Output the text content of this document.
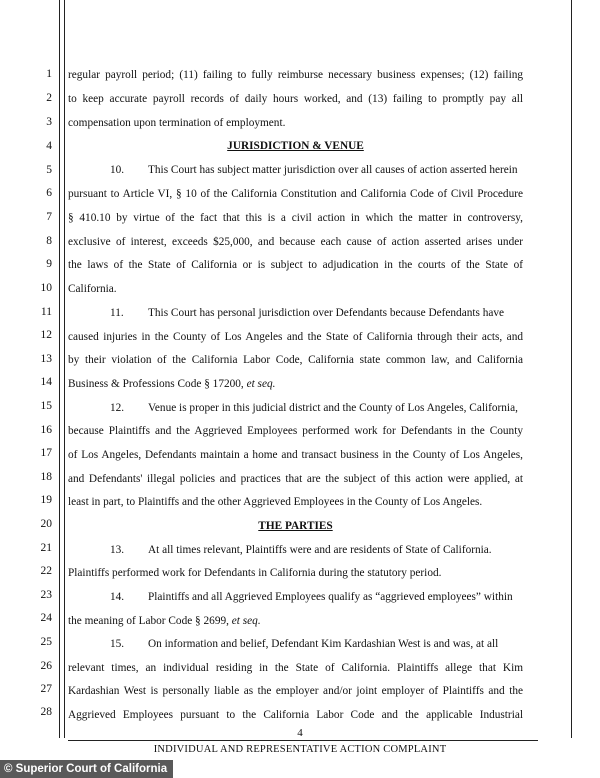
1
2
3
4
5
6
7
8
9
10
11
12
13
14
15
16
17
18
19
20
21
22
23
24
25
26
27
28
regular payroll period; (11) failing to fully reimburse necessary business expenses; (12) failing
to keep accurate payroll records of daily hours worked, and (13) failing to promptly pay all
compensation upon termination of employment.
JURISDICTION & VENUE
10. This Court has subject matter jurisdiction over all causes of action asserted herein
pursuant to Article VI, § 10 of the California Constitution and California Code of Civil Procedure
§ 410.10 by virtue of the fact that this is a civil action in which the matter in controversy,
exclusive of interest, exceeds $25,000, and because each cause of action asserted arises under
the laws of the State of California or is subject to adjudication in the courts of the State of
California.
11. This Court has personal jurisdiction over Defendants because Defendants have
caused injuries in the County of Los Angeles and the State of California through their acts, and
by their violation of the California Labor Code, California state common law, and California
Business & Professions Code § 17200, et seq.
12. Venue is proper in this judicial district and the County of Los Angeles, California,
because Plaintiffs and the Aggrieved Employees performed work for Defendants in the County
of Los Angeles, Defendants maintain a home and transact business in the County of Los Angeles,
and Defendants' illegal policies and practices that are the subject of this action were applied, at
least in part, to Plaintiffs and the other Aggrieved Employees in the County of Los Angeles.
THE PARTIES
13. At all times relevant, Plaintiffs were and are residents of State of California.
Plaintiffs performed work for Defendants in California during the statutory period.
14. Plaintiffs and all Aggrieved Employees qualify as “aggrieved employees” within
the meaning of Labor Code § 2699, et seq.
15. On information and belief, Defendant Kim Kardashian West is and was, at all
relevant times, an individual residing in the State of California. Plaintiffs allege that Kim
Kardashian West is personally liable as the employer and/or joint employer of Plaintiffs and the
Aggrieved Employees pursuant to the California Labor Code and the applicable Industrial
4
INDIVIDUAL AND REPRESENTATIVE ACTION COMPLAINT
© Superior Court of California
